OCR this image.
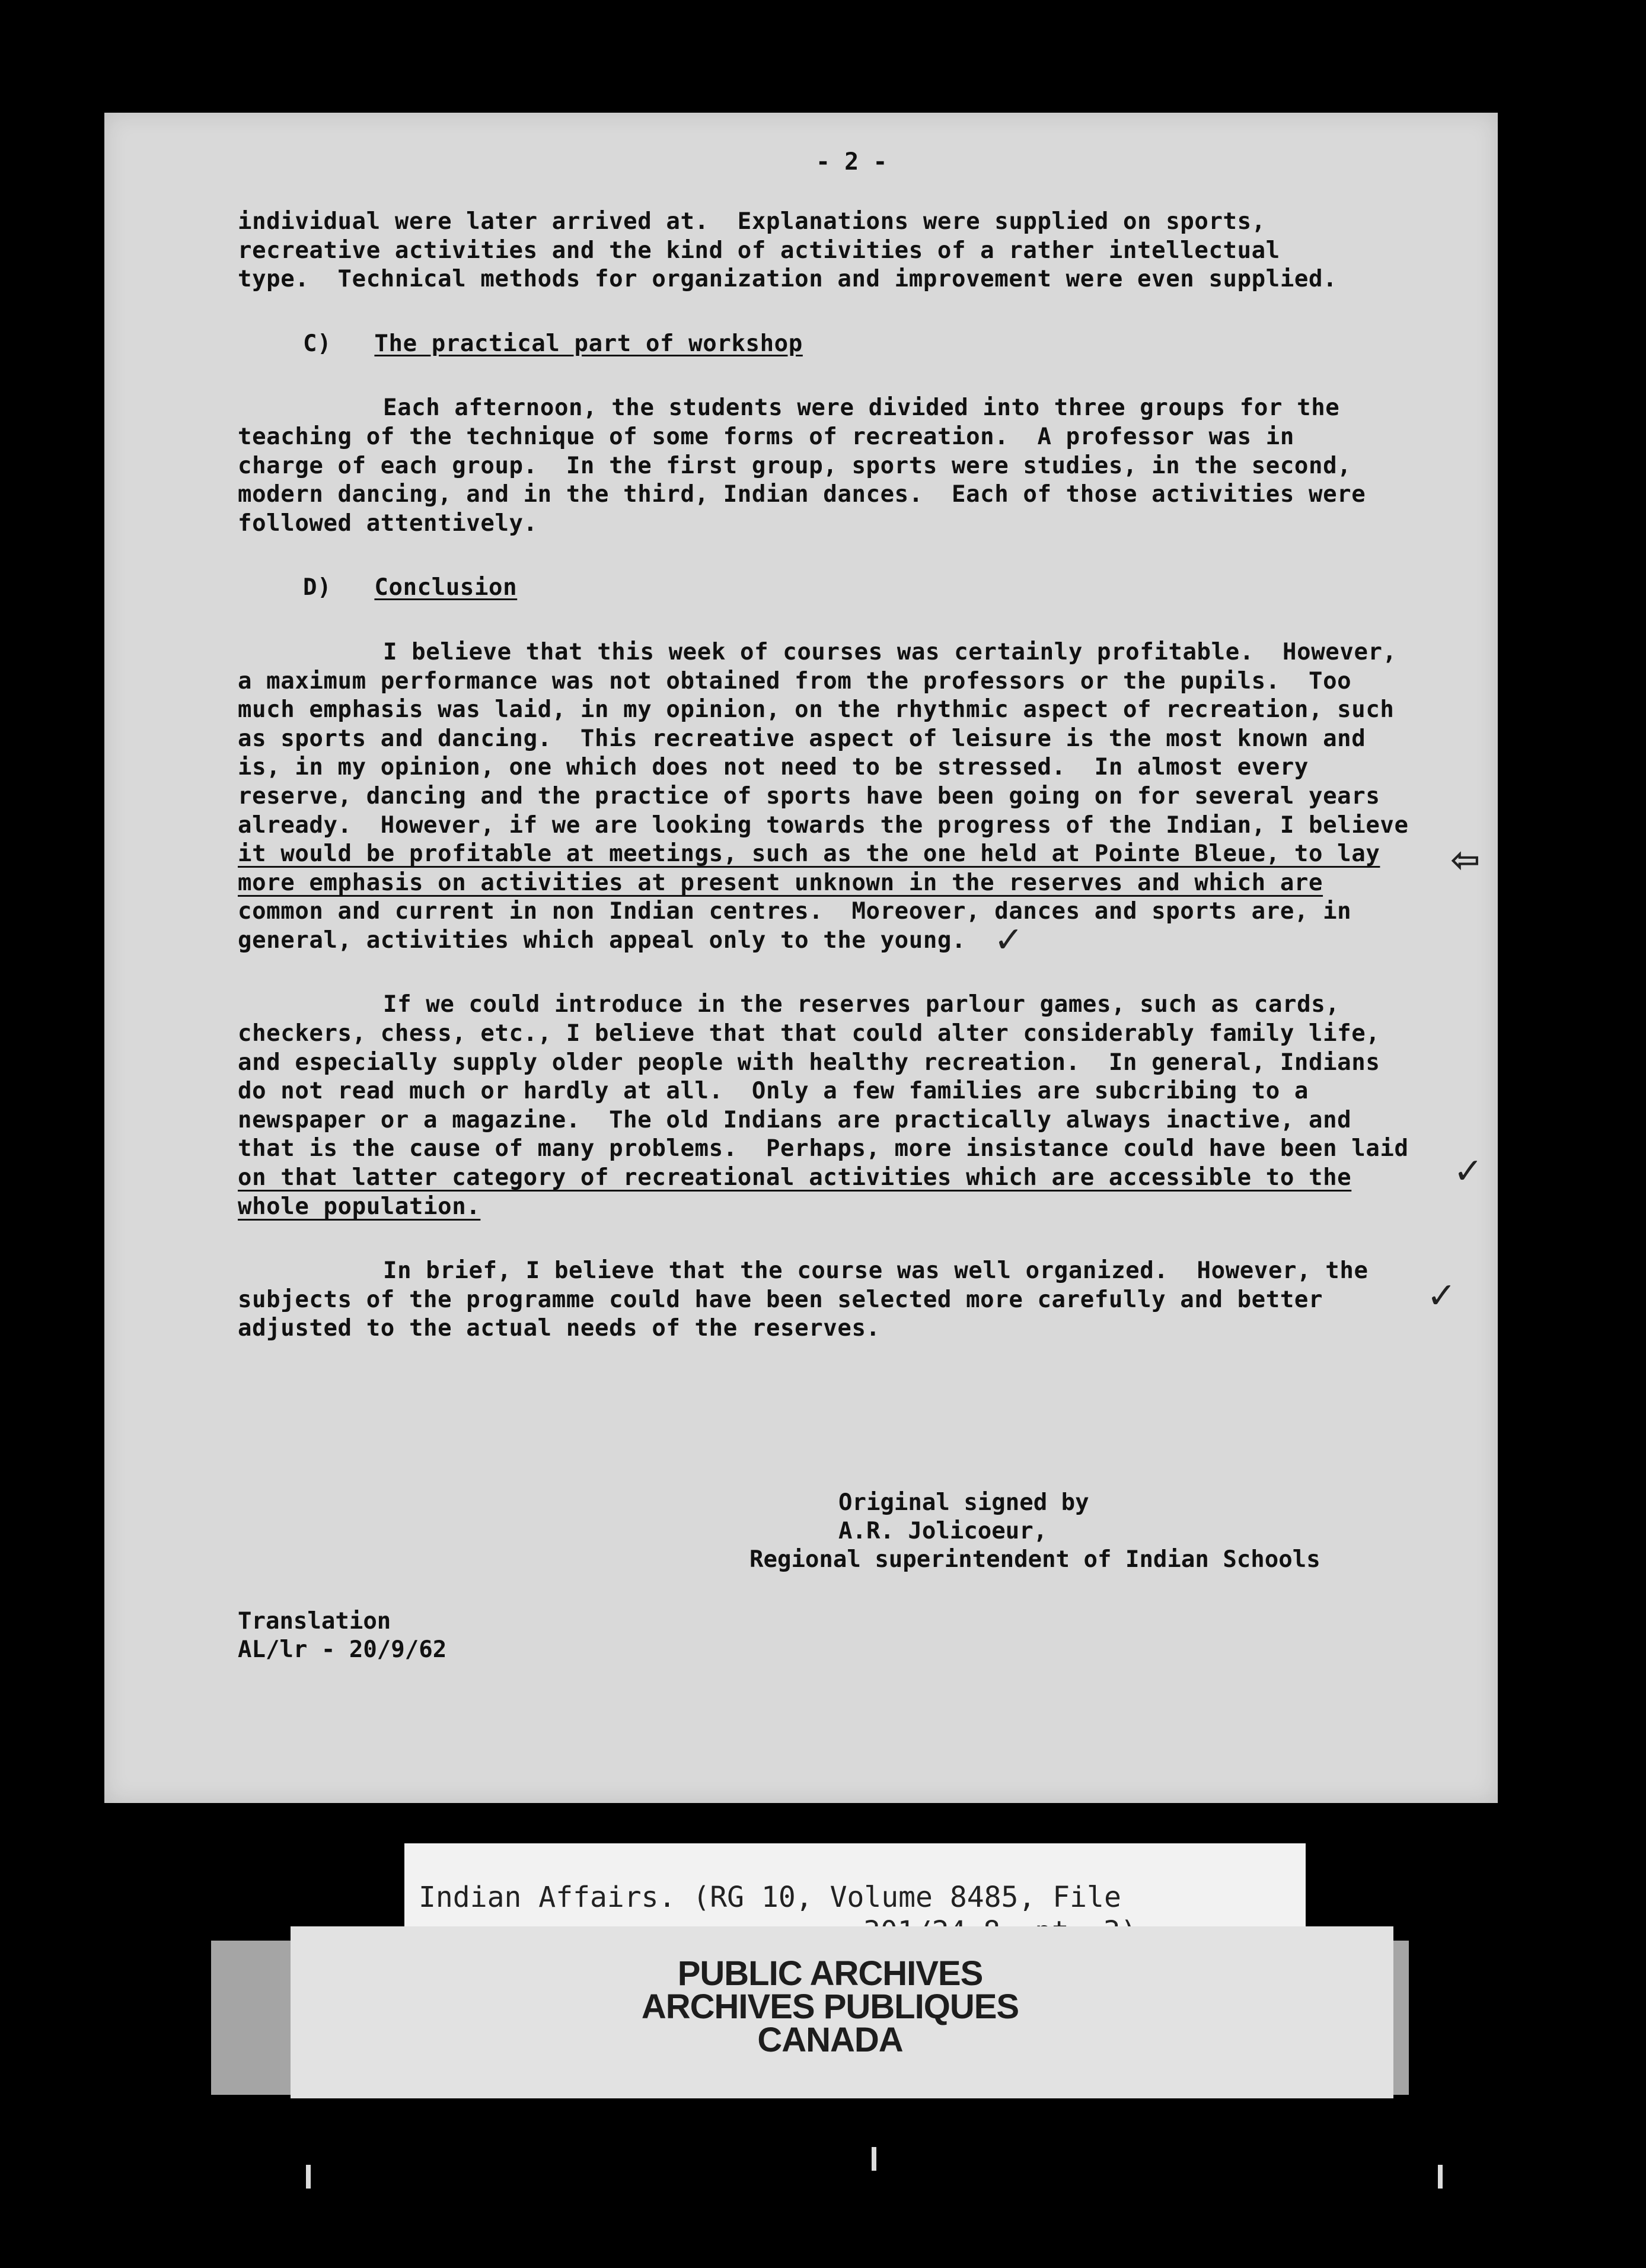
- 2 -
individual were later arrived at.  Explanations were supplied on sports,
recreative activities and the kind of activities of a rather intellectual
type.  Technical methods for organization and improvement were even supplied.
C) The practical part of workshop
Each afternoon, the students were divided into three groups for the
teaching of the technique of some forms of recreation.  A professor was in
charge of each group.  In the first group, sports were studies, in the second,
modern dancing, and in the third, Indian dances.  Each of those activities were
followed attentively.
D) Conclusion
I believe that this week of courses was certainly profitable.  However,
a maximum performance was not obtained from the professors or the pupils.  Too
much emphasis was laid, in my opinion, on the rhythmic aspect of recreation, such
as sports and dancing.  This recreative aspect of leisure is the most known and
is, in my opinion, one which does not need to be stressed.  In almost every
reserve, dancing and the practice of sports have been going on for several years
already.  However, if we are looking towards the progress of the Indian, I believe
it would be profitable at meetings, such as the one held at Pointe Bleue, to lay
more emphasis on activities at present unknown in the reserves and which are
common and current in non Indian centres.  Moreover, dances and sports are, in
general, activities which appeal only to the young.
If we could introduce in the reserves parlour games, such as cards,
checkers, chess, etc., I believe that that could alter considerably family life,
and especially supply older people with healthy recreation.  In general, Indians
do not read much or hardly at all.  Only a few families are subcribing to a
newspaper or a magazine.  The old Indians are practically always inactive, and
that is the cause of many problems.  Perhaps, more insistance could have been laid
on that latter category of recreational activities which are accessible to the
whole population.
In brief, I believe that the course was well organized.  However, the
subjects of the programme could have been selected more carefully and better
adjusted to the actual needs of the reserves.
⇦
✓
✓
✓
Original signed by
A.R. Jolicoeur,
Regional superintendent of Indian Schools
Translation
AL/lr - 20/9/62
Indian Affairs. (RG 10, Volume 8485, File
PUBLIC ARCHIVES
ARCHIVES PUBLIQUES
CANADA
